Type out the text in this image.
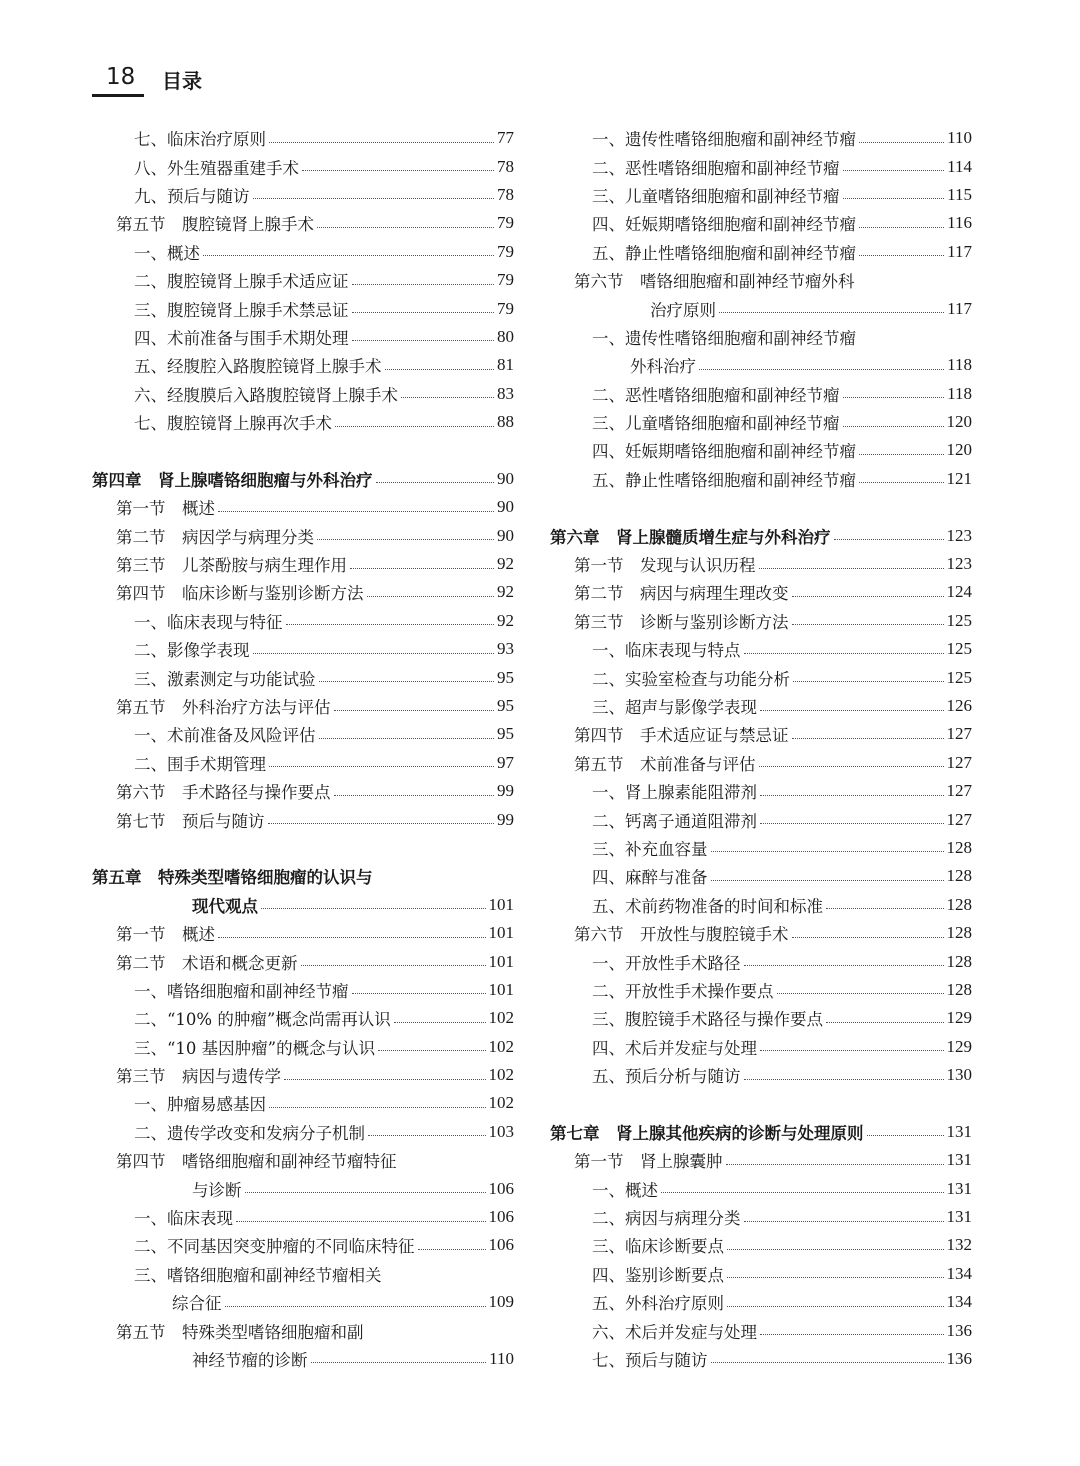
18 目录
七、临床治疗原则	77
八、外生殖器重建手术	78
九、预后与随访	78
第五节　腹腔镜肾上腺手术	79
一、概述	79
二、腹腔镜肾上腺手术适应证	79
三、腹腔镜肾上腺手术禁忌证	79
四、术前准备与围手术期处理	80
五、经腹腔入路腹腔镜肾上腺手术	81
六、经腹膜后入路腹腔镜肾上腺手术	83
七、腹腔镜肾上腺再次手术	88
第四章　肾上腺嗜铬细胞瘤与外科治疗	90
第一节　概述	90
第二节　病因学与病理分类	90
第三节　儿茶酚胺与病生理作用	92
第四节　临床诊断与鉴别诊断方法	92
一、临床表现与特征	92
二、影像学表现	93
三、激素测定与功能试验	95
第五节　外科治疗方法与评估	95
一、术前准备及风险评估	95
二、围手术期管理	97
第六节　手术路径与操作要点	99
第七节　预后与随访	99
第五章　特殊类型嗜铬细胞瘤的认识与
现代观点	101
第一节　概述	101
第二节　术语和概念更新	101
一、嗜铬细胞瘤和副神经节瘤	101
二、“10% 的肿瘤”概念尚需再认识	102
三、“10 基因肿瘤”的概念与认识	102
第三节　病因与遗传学	102
一、肿瘤易感基因	102
二、遗传学改变和发病分子机制	103
第四节　嗜铬细胞瘤和副神经节瘤特征
与诊断	106
一、临床表现	106
二、不同基因突变肿瘤的不同临床特征	106
三、嗜铬细胞瘤和副神经节瘤相关
综合征	109
第五节　特殊类型嗜铬细胞瘤和副
神经节瘤的诊断	110
一、遗传性嗜铬细胞瘤和副神经节瘤	110
二、恶性嗜铬细胞瘤和副神经节瘤	114
三、儿童嗜铬细胞瘤和副神经节瘤	115
四、妊娠期嗜铬细胞瘤和副神经节瘤	116
五、静止性嗜铬细胞瘤和副神经节瘤	117
第六节　嗜铬细胞瘤和副神经节瘤外科
治疗原则	117
一、遗传性嗜铬细胞瘤和副神经节瘤
外科治疗	118
二、恶性嗜铬细胞瘤和副神经节瘤	118
三、儿童嗜铬细胞瘤和副神经节瘤	120
四、妊娠期嗜铬细胞瘤和副神经节瘤	120
五、静止性嗜铬细胞瘤和副神经节瘤	121
第六章　肾上腺髓质增生症与外科治疗	123
第一节　发现与认识历程	123
第二节　病因与病理生理改变	124
第三节　诊断与鉴别诊断方法	125
一、临床表现与特点	125
二、实验室检查与功能分析	125
三、超声与影像学表现	126
第四节　手术适应证与禁忌证	127
第五节　术前准备与评估	127
一、肾上腺素能阻滞剂	127
二、钙离子通道阻滞剂	127
三、补充血容量	128
四、麻醉与准备	128
五、术前药物准备的时间和标准	128
第六节　开放性与腹腔镜手术	128
一、开放性手术路径	128
二、开放性手术操作要点	128
三、腹腔镜手术路径与操作要点	129
四、术后并发症与处理	129
五、预后分析与随访	130
第七章　肾上腺其他疾病的诊断与处理原则	131
第一节　肾上腺囊肿	131
一、概述	131
二、病因与病理分类	131
三、临床诊断要点	132
四、鉴别诊断要点	134
五、外科治疗原则	134
六、术后并发症与处理	136
七、预后与随访	136
